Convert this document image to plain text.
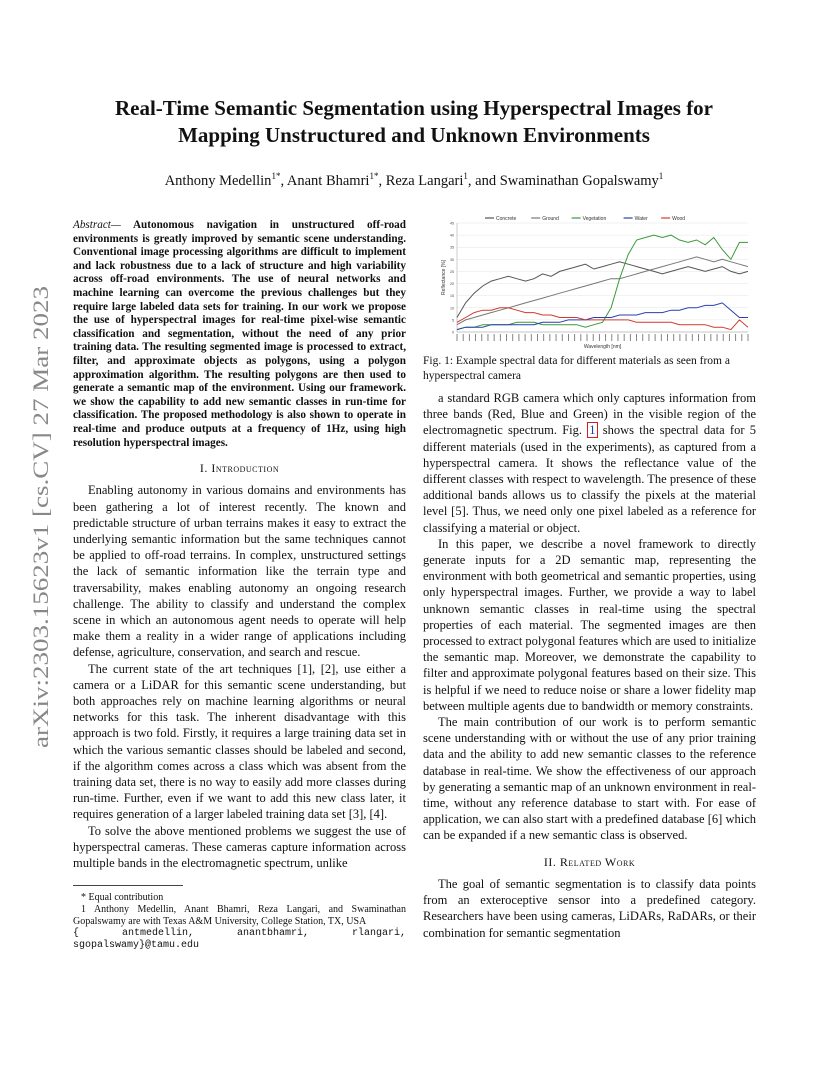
arXiv:2303.15623v1 [cs.CV] 27 Mar 2023
Real-Time Semantic Segmentation using Hyperspectral Images for Mapping Unstructured and Unknown Environments
Anthony Medellin$^{1*}$, Anant Bhamri$^{1*}$, Reza Langari$^1$, and Swaminathan Gopalswamy$^1$
Abstract— Autonomous navigation in unstructured off-road environments is greatly improved by semantic scene understanding. Conventional image processing algorithms are difficult to implement and lack robustness due to a lack of structure and high variability across off-road environments. The use of neural networks and machine learning can overcome the previous challenges but they require large labeled data sets for training. In our work we propose the use of hyperspectral images for real-time pixel-wise semantic classification and segmentation, without the need of any prior training data. The resulting segmented image is processed to extract, filter, and approximate objects as polygons, using a polygon approximation algorithm. The resulting polygons are then used to generate a semantic map of the environment. Using our framework. we show the capability to add new semantic classes in run-time for classification. The proposed methodology is also shown to operate in real-time and produce outputs at a frequency of 1Hz, using high resolution hyperspectral images.
I. Introduction

Enabling autonomy in various domains and environments has been gathering a lot of interest recently. The known and predictable structure of urban terrains makes it easy to extract the underlying semantic information but the same techniques cannot be applied to off-road terrains. In complex, unstructured settings the lack of semantic information like the terrain type and traversability, makes enabling autonomy an ongoing research challenge. The ability to classify and understand the complex scene in which an autonomous agent needs to operate will help make them a reality in a wider range of applications including defense, agriculture, conservation, and search and rescue.

The current state of the art techniques [1], [2], use either a camera or a LiDAR for this semantic scene understanding, but both approaches rely on machine learning algorithms or neural networks for this task. The inherent disadvantage with this approach is two fold. Firstly, it requires a large training data set in which the various semantic classes should be labeled and second, if the algorithm comes across a class which was absent from the training data set, there is no way to easily add more classes during run-time. Further, even if we want to add this new class later, it requires generation of a larger labeled training data set [3], [4].

To solve the above mentioned problems we suggest the use of hyperspectral cameras. These cameras capture information across multiple bands in the electromagnetic spectrum, unlike

* Equal contribution

1 Anthony Medellin, Anant Bhamri, Reza Langari, and Swaminathan Gopalswamy are with Texas A&M University, College Station, TX, USA

{ antmedellin, anantbhamri, rlangari, sgopalswamy}@tamu.edu
0
5
10
15
20
25
30
35
40
45
Reflectance [%]
Wavelength [nm]
Concrete	Ground	Vegetation	Water	Wood
Fig. 1: Example spectral data for different materials as seen from a hyperspectral camera

a standard RGB camera which only captures information from three bands (Red, Blue and Green) in the visible region of the electromagnetic spectrum. Fig. 1 shows the spectral data for 5 different materials (used in the experiments), as captured from a hyperspectral camera. It shows the reflectance value of the different classes with respect to wavelength. The presence of these additional bands allows us to classify the pixels at the material level [5]. Thus, we need only one pixel labeled as a reference for classifying a material or object.

In this paper, we describe a novel framework to directly generate inputs for a 2D semantic map, representing the environment with both geometrical and semantic properties, using only hyperspectral images. Further, we provide a way to label unknown semantic classes in real-time using the spectral properties of each material. The segmented images are then processed to extract polygonal features which are used to initialize the semantic map. Moreover, we demonstrate the capability to filter and approximate polygonal features based on their size. This is helpful if we need to reduce noise or share a lower fidelity map between multiple agents due to bandwidth or memory constraints.

The main contribution of our work is to perform semantic scene understanding with or without the use of any prior training data and the ability to add new semantic classes to the reference database in real-time. We show the effectiveness of our approach by generating a semantic map of an unknown environment in real-time, without any reference database to start with. For ease of application, we can also start with a predefined database [6] which can be expanded if a new semantic class is observed.

II. Related Work

The goal of semantic segmentation is to classify data points from an exteroceptive sensor into a predefined category. Researchers have been using cameras, LiDARs, RaDARs, or their combination for semantic segmentation
